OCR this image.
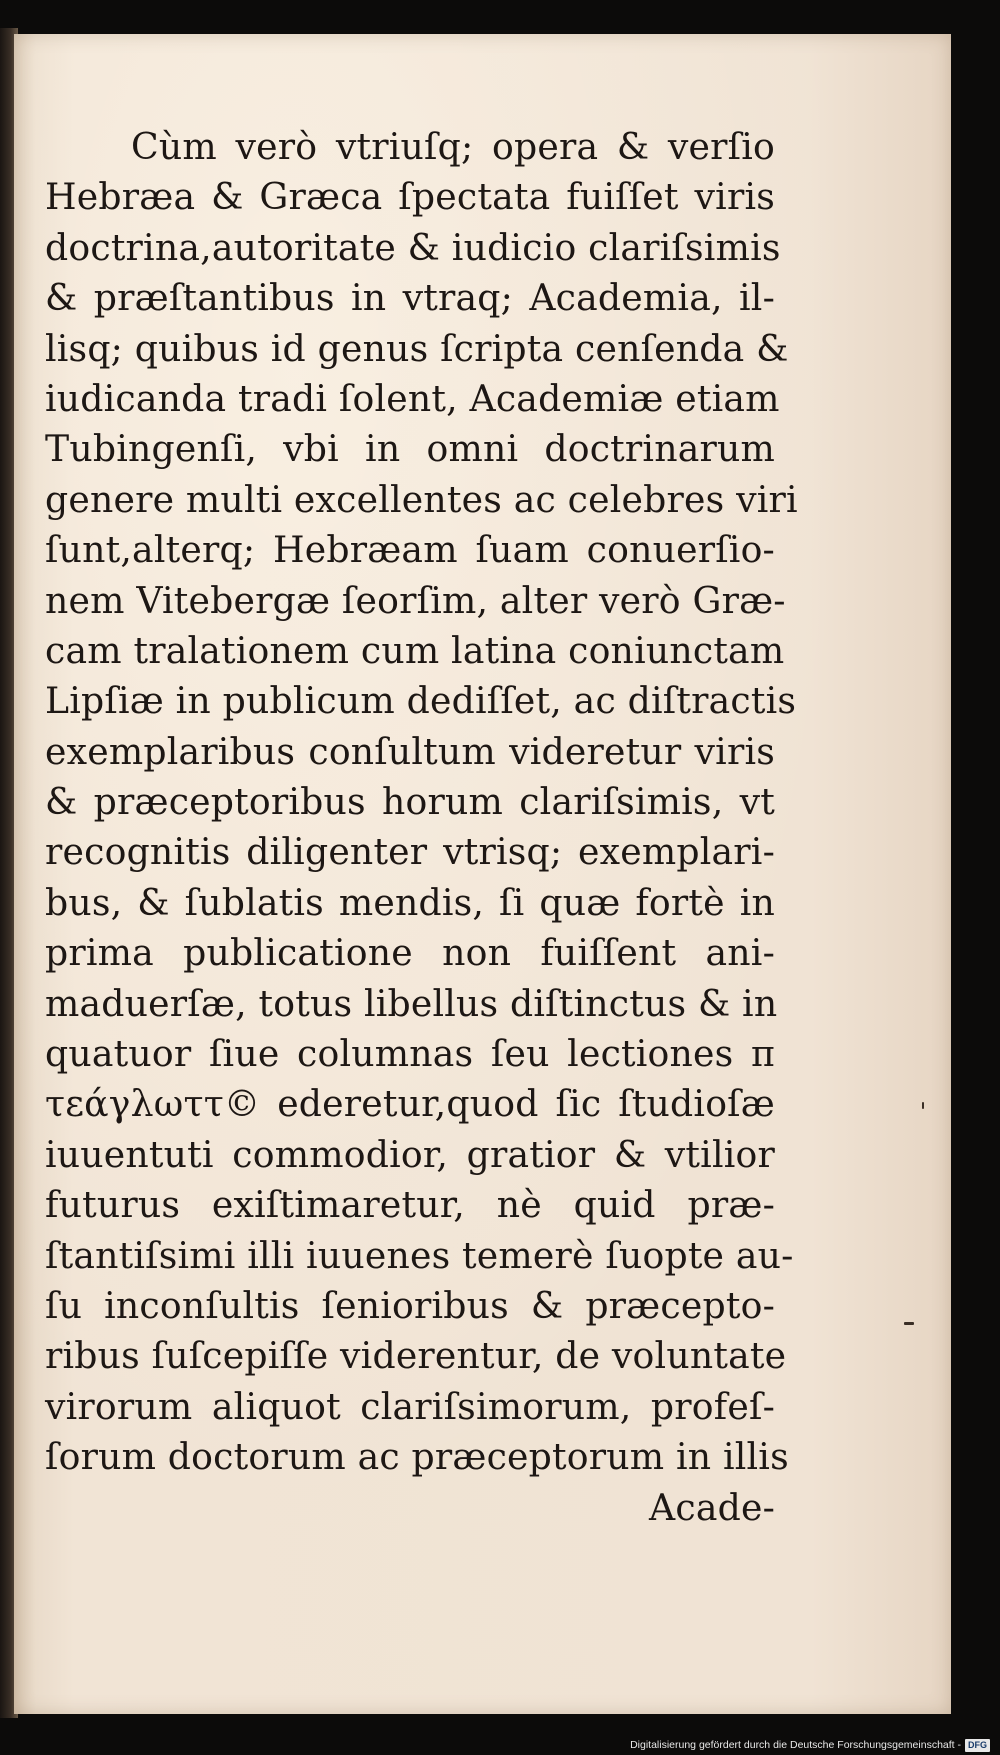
Cùm verò vtriuſq; opera & verſio
Hebræa & Græca ſpectata fuiſſet viris
doctrina,autoritate & iudicio clariſsimis
& præſtantibus in vtraq; Academia, il-
lisq; quibus id genus ſcripta cenſenda &
iudicanda tradi ſolent, Academiæ etiam
Tubingenſi, vbi in omni doctrinarum
genere multi excellentes ac celebres viri
ſunt,alterq; Hebræam ſuam conuerſio-
nem Vitebergæ ſeorſim, alter verò Græ-
cam tralationem cum latina coniunctam
Lipſiæ in publicum dediſſet, ac diſtractis
exemplaribus conſultum videretur viris
& præceptoribus horum clariſsimis, vt
recognitis diligenter vtrisq; exemplari-
bus, & ſublatis mendis, ſi quæ fortè in
prima publicatione non fuiſſent ani-
maduerſæ, totus libellus diſtinctus & in
quatuor ſiue columnas ſeu lectiones π
τεάγλωττ© ederetur,quod ſic ſtudioſæ
iuuentuti commodior, gratior & vtilior
futurus exiſtimaretur, nè quid præ-
ſtantiſsimi illi iuuenes temerè ſuopte au-
ſu inconſultis ſenioribus & præcepto-
ribus ſuſcepiſſe viderentur, de voluntate
virorum aliquot clariſsimorum, profeſ-
ſorum doctorum ac præceptorum in illis
Acade-
Digitalisierung gefördert durch die Deutsche Forschungsgemeinschaft - DFG
